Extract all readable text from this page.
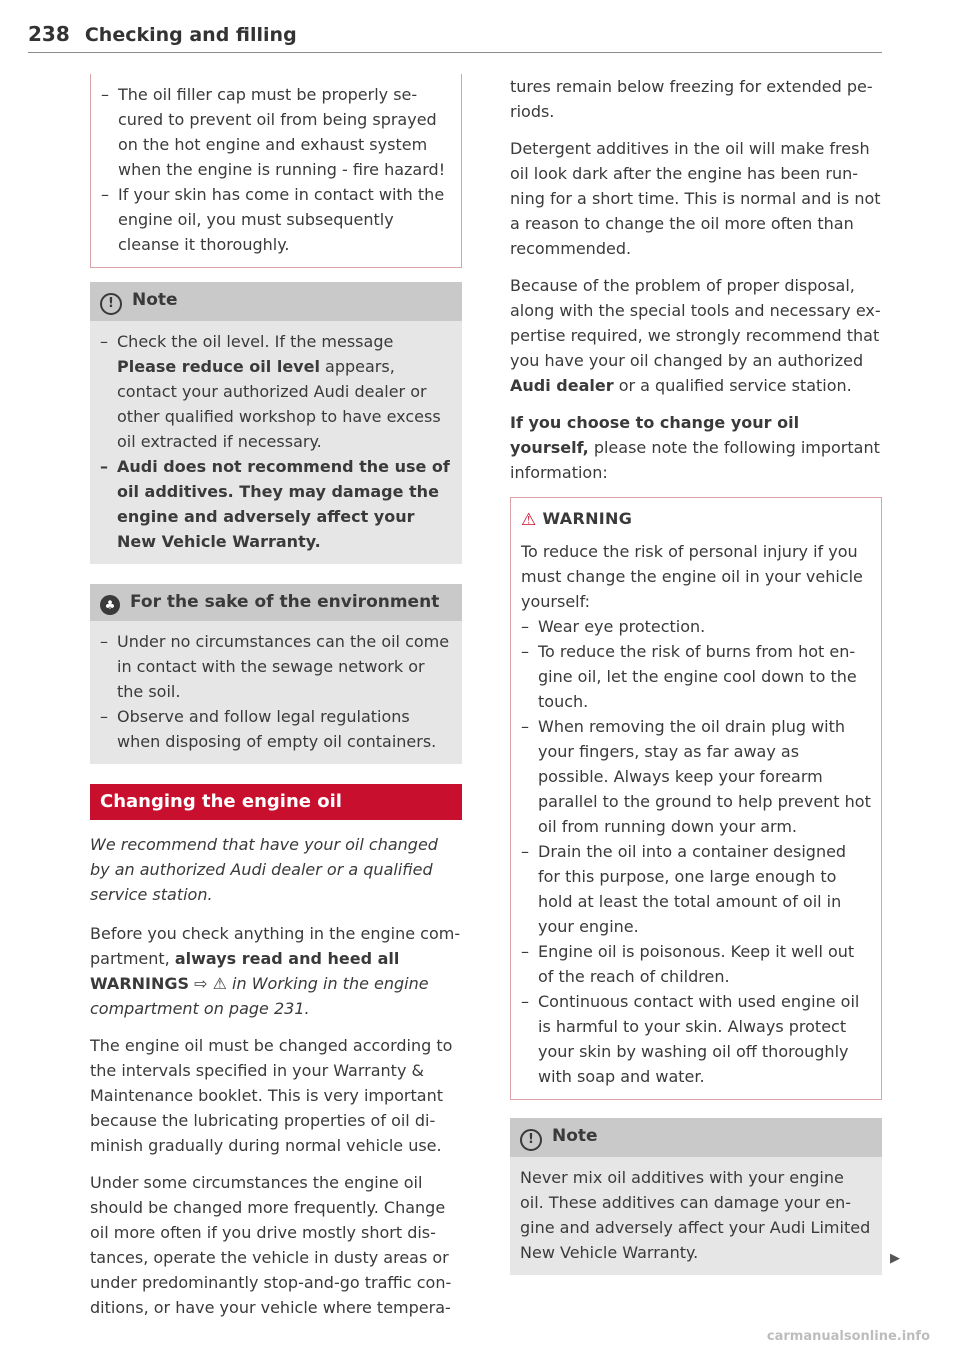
238 Checking and filling
– The oil filler cap must be properly secured to prevent oil from being sprayed on the hot engine and exhaust system when the engine is running - fire hazard!
– If your skin has come in contact with the engine oil, you must subsequently cleanse it thoroughly.
! Note
– Check the oil level. If the message Please reduce oil level appears, contact your authorized Audi dealer or other qualified workshop to have excess oil extracted if necessary.
– Audi does not recommend the use of oil additives. They may damage the engine and adversely affect your New Vehicle Warranty.
♣ For the sake of the environment
– Under no circumstances can the oil come in contact with the sewage network or the soil.
– Observe and follow legal regulations when disposing of empty oil containers.
Changing the engine oil

We recommend that have your oil changed by an authorized Audi dealer or a qualified service station.

Before you check anything in the engine compartment, always read and heed all WARNINGS ⇨ ⚠ in Working in the engine compartment on page 231.

The engine oil must be changed according to the intervals specified in your Warranty & Maintenance booklet. This is very important because the lubricating properties of oil diminish gradually during normal vehicle use.

Under some circumstances the engine oil should be changed more frequently. Change oil more often if you drive mostly short distances, operate the vehicle in dusty areas or under predominantly stop-and-go traffic conditions, or have your vehicle where tempera-

tures remain below freezing for extended periods.

Detergent additives in the oil will make fresh oil look dark after the engine has been running for a short time. This is normal and is not a reason to change the oil more often than recommended.

Because of the problem of proper disposal, along with the special tools and necessary expertise required, we strongly recommend that you have your oil changed by an authorized Audi dealer or a qualified service station.

If you choose to change your oil yourself, please note the following important information:

⚠ WARNING
To reduce the risk of personal injury if you must change the engine oil in your vehicle yourself:
– Wear eye protection.
– To reduce the risk of burns from hot engine oil, let the engine cool down to the touch.
– When removing the oil drain plug with your fingers, stay as far away as possible. Always keep your forearm parallel to the ground to help prevent hot oil from running down your arm.
– Drain the oil into a container designed for this purpose, one large enough to hold at least the total amount of oil in your engine.
– Engine oil is poisonous. Keep it well out of the reach of children.
– Continuous contact with used engine oil is harmful to your skin. Always protect your skin by washing oil off thoroughly with soap and water.
! Note
Never mix oil additives with your engine oil. These additives can damage your engine and adversely affect your Audi Limited New Vehicle Warranty.	▶
carmanualsonline.info
